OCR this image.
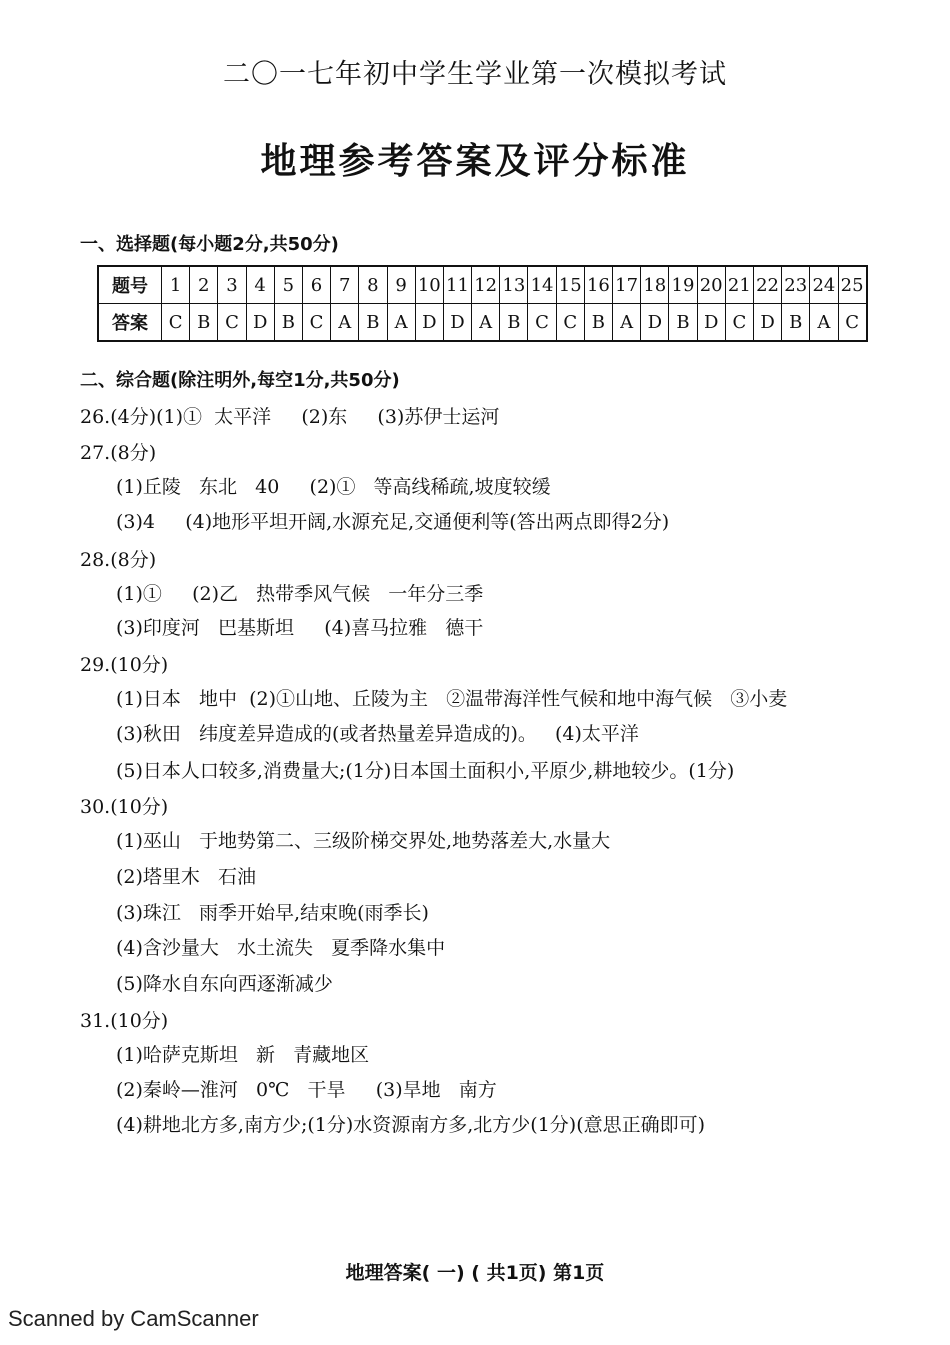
二〇一七年初中学生学业第一次模拟考试
地理参考答案及评分标准
一、选择题(每小题2分,共50分)
题号	1	2	3	4	5	6	7	8	9	10	11	12	13	14	15	16	17	18	19	20	21	22	23	24	25
答案	C	B	C	D	B	C	A	B	A	D	D	A	B	C	C	B	A	D	B	D	C	D	B	A	C
二、综合题(除注明外,每空1分,共50分)
26.(4分)(1)①  太平洋     (2)东     (3)苏伊士运河
27.(8分)
(1)丘陵   东北   40     (2)①   等高线稀疏,坡度较缓
(3)4     (4)地形平坦开阔,水源充足,交通便利等(答出两点即得2分)
28.(8分)
(1)①     (2)乙   热带季风气候   一年分三季
(3)印度河   巴基斯坦     (4)喜马拉雅   德干
29.(10分)
(1)日本   地中  (2)①山地、丘陵为主   ②温带海洋性气候和地中海气候   ③小麦
(3)秋田   纬度差异造成的(或者热量差异造成的)。   (4)太平洋
(5)日本人口较多,消费量大;(1分)日本国土面积小,平原少,耕地较少。(1分)
30.(10分)
(1)巫山   于地势第二、三级阶梯交界处,地势落差大,水量大
(2)塔里木   石油
(3)珠江   雨季开始早,结束晚(雨季长)
(4)含沙量大   水土流失   夏季降水集中
(5)降水自东向西逐渐减少
31.(10分)
(1)哈萨克斯坦   新   青藏地区
(2)秦岭—淮河   0℃   干旱     (3)旱地   南方
(4)耕地北方多,南方少;(1分)水资源南方多,北方少(1分)(意思正确即可)
地理答案( 一) ( 共1页) 第1页
Scanned by CamScanner
